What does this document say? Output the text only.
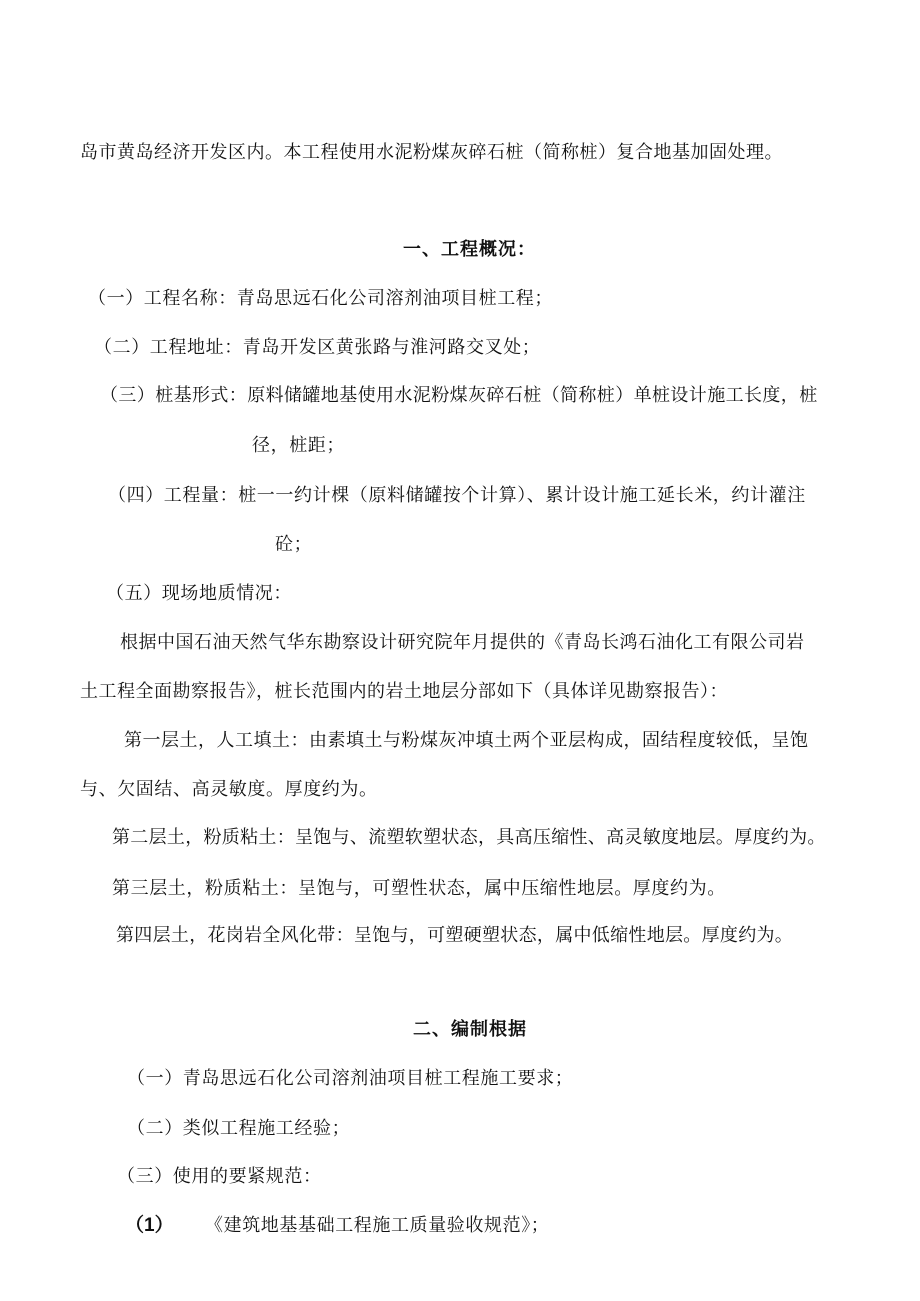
岛市黄岛经济开发区内。本工程使用水泥粉煤灰碎石桩（简称桩）复合地基加固处理。
一、工程概况：
（一）工程名称：青岛思远石化公司溶剂油项目桩工程；
（二）工程地址：青岛开发区黄张路与淮河路交叉处；
（三）桩基形式：原料储罐地基使用水泥粉煤灰碎石桩（简称桩）单桩设计施工长度，桩
径，桩距；
（四）工程量：桩一一约计棵（原料储罐按个计算）、累计设计施工延长米，约计灌注
砼；
（五）现场地质情况：
根据中国石油天然气华东勘察设计研究院年月提供的《青岛长鸿石油化工有限公司岩
土工程全面勘察报告》，桩长范围内的岩土地层分部如下（具体详见勘察报告）：
第一层土，人工填土：由素填土与粉煤灰冲填土两个亚层构成，固结程度较低，呈饱
与、欠固结、高灵敏度。厚度约为。
第二层土，粉质粘土：呈饱与、流塑软塑状态，具高压缩性、高灵敏度地层。厚度约为。
第三层土，粉质粘土：呈饱与，可塑性状态，属中压缩性地层。厚度约为。
第四层土，花岗岩全风化带：呈饱与，可塑硬塑状态，属中低缩性地层。厚度约为。
二、编制根据
（一）青岛思远石化公司溶剂油项目桩工程施工要求；
（二）类似工程施工经验；
（三）使用的要紧规范：
（1） 《建筑地基基础工程施工质量验收规范》；
